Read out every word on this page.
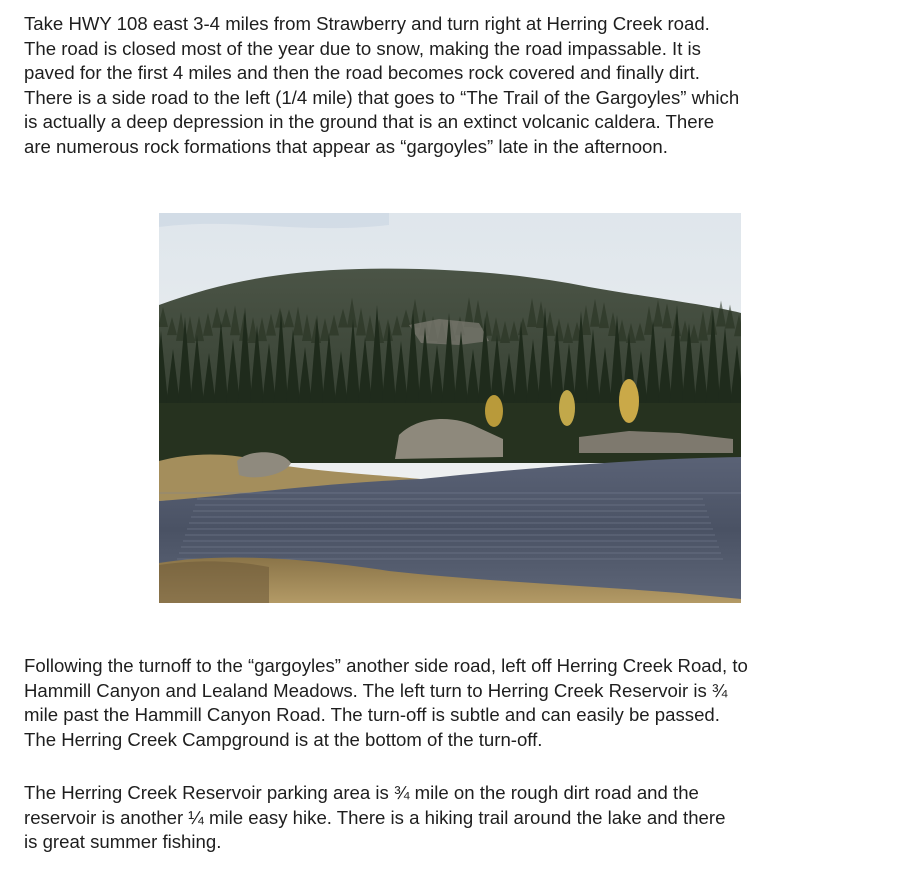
Take HWY 108 east 3-4 miles from Strawberry and turn right at Herring Creek road.
The road is closed most of the year due to snow, making the road impassable. It is
paved for the first 4 miles and then the road becomes rock covered and finally dirt.
There is a side road to the left (1/4 mile) that goes to “The Trail of the Gargoyles” which
is actually a deep depression in the ground that is an extinct volcanic caldera. There
are numerous rock formations that appear as “gargoyles” late in the afternoon.
Following the turnoff to the “gargoyles” another side road, left off Herring Creek Road, to
Hammill Canyon and Lealand Meadows. The left turn to Herring Creek Reservoir is ¾
mile past the Hammill Canyon Road. The turn-off is subtle and can easily be passed.
The Herring Creek Campground is at the bottom of the turn-off.
The Herring Creek Reservoir parking area is ¾ mile on the rough dirt road and the
reservoir is another ¼ mile easy hike. There is a hiking trail around the lake and there
is great summer fishing.
